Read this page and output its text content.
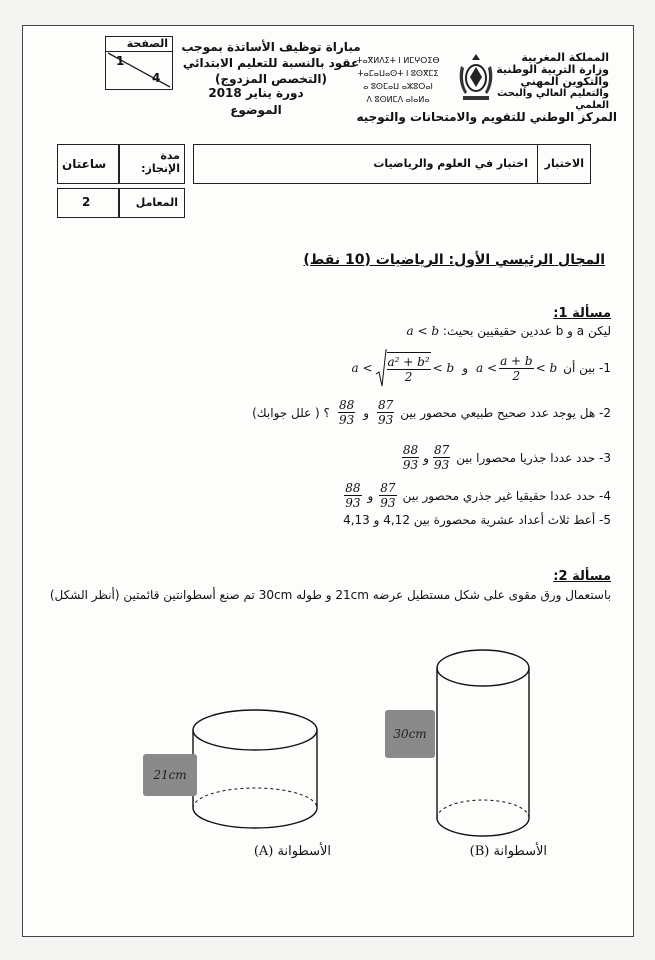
المملكة المغربية
وزارة التربية الوطنية
والتكوين المهني
والتعليم العالي والبحث العلمي
ⵜⴰⴳⵍⴷⵉⵜ ⵏ ⵍⵎⵖⵔⵉⴱ
ⵜⴰⵎⴰⵡⴰⵙⵜ ⵏ ⵓⵙⴳⵎⵉ
ⴰ ⵓⵙⵎⴰⵡ ⴰⵣⵓⵔⴰⵏ
ⴷ ⵓⵙⵍⵎⴷ ⴰⵏⴰⵍⴰ
المركز الوطني للتقويم والامتحانات والتوجيه
مباراة توظيف الأساتذة بموجب عقود بالنسبة للتعليم الابتدائي (التخصص المزدوج)
دورة يناير 2018
الموضوع
الصفحة
1
4
الاختبار
اختبار في العلوم والرياضيات
مدة الإنجاز:
ساعتان
المعامل
2
المجال الرئيسي الأول: الرياضيات (10 نقط)
مسألة 1:
ليكن a و b عددين حقيقيين بحيث: a < b
1- بين أن
$a < \frac{a + b}{2} < b$
و
$a < \frac{\text{a² + b²}}{2} < b$
2- هل يوجد عدد صحيح طبيعي محصور بين
$\frac{87}{93}$
و
$\frac{88}{93}$
؟ ( علل جوابك)
3- حدد عددا جذريا محصورا بين
$\frac{87}{93}$
و
$\frac{88}{93}$
4- حدد عددا حقيقيا غير جذري محصور بين
$\frac{87}{93}$
و
$\frac{88}{93}$
5- أعط ثلاث أعداد عشرية محصورة بين 4,12 و 4,13
مسألة 2:
باستعمال ورق مقوى على شكل مستطيل عرضه 21cm و طوله 30cm تم صنع أسطوانتين قائمتين (أنظر الشكل)
21cm
الأسطوانة (A)
30cm
الأسطوانة (B)
